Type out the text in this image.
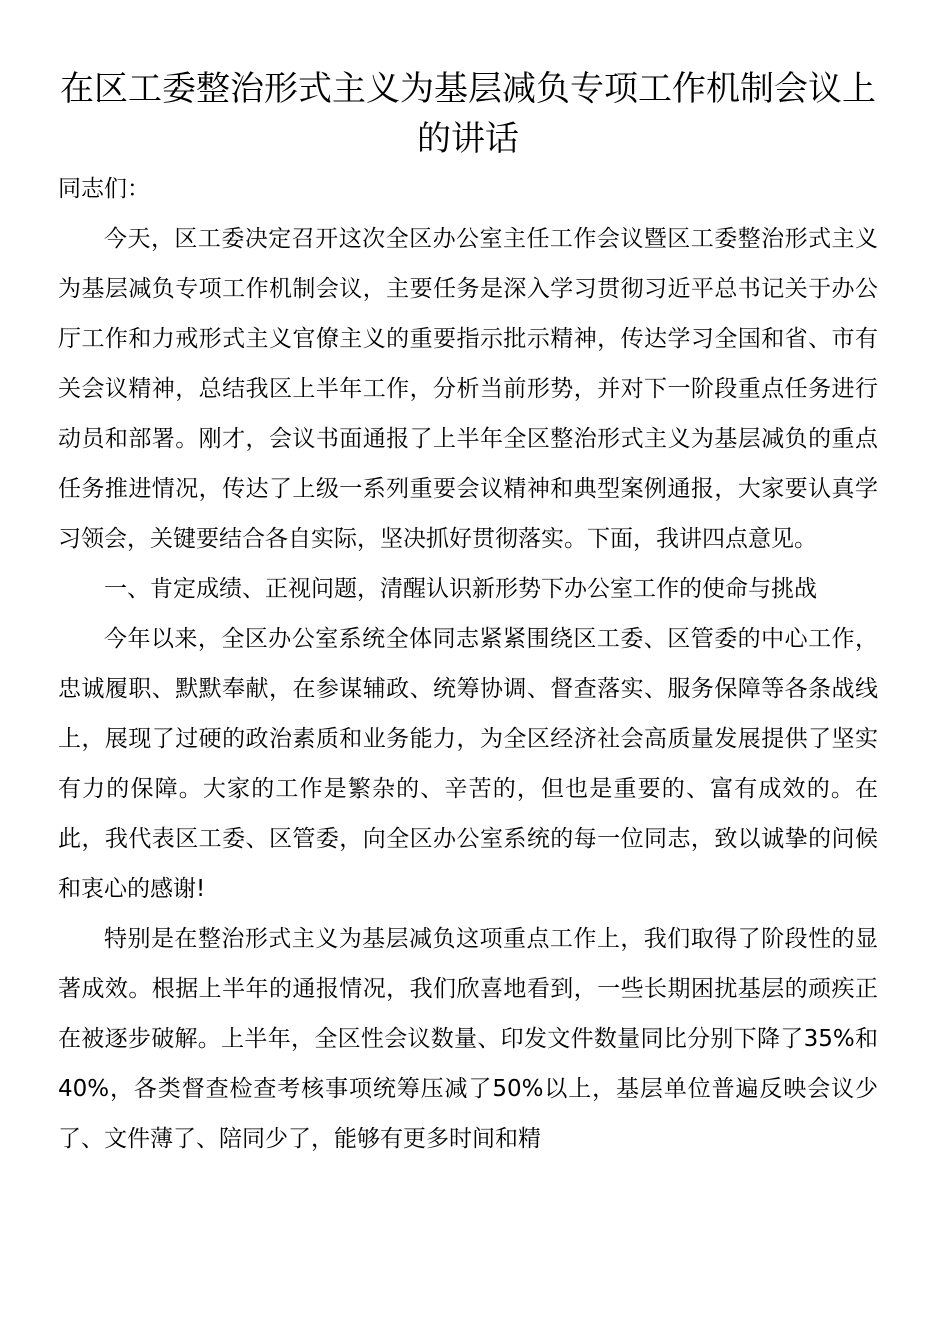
在区工委整治形式主义为基层减负专项工作机制会议上的讲话

同志们：

今天，区工委决定召开这次全区办公室主任工作会议暨区工委整治形式主义为基层减负专项工作机制会议，主要任务是深入学习贯彻习近平总书记关于办公厅工作和力戒形式主义官僚主义的重要指示批示精神，传达学习全国和省、市有关会议精神，总结我区上半年工作，分析当前形势，并对下一阶段重点任务进行动员和部署。刚才，会议书面通报了上半年全区整治形式主义为基层减负的重点任务推进情况，传达了上级一系列重要会议精神和典型案例通报，大家要认真学习领会，关键要结合各自实际，坚决抓好贯彻落实。下面，我讲四点意见。

一、肯定成绩、正视问题，清醒认识新形势下办公室工作的使命与挑战

今年以来，全区办公室系统全体同志紧紧围绕区工委、区管委的中心工作，忠诚履职、默默奉献，在参谋辅政、统筹协调、督查落实、服务保障等各条战线上，展现了过硬的政治素质和业务能力，为全区经济社会高质量发展提供了坚实有力的保障。大家的工作是繁杂的、辛苦的，但也是重要的、富有成效的。在此，我代表区工委、区管委，向全区办公室系统的每一位同志，致以诚挚的问候和衷心的感谢!

特别是在整治形式主义为基层减负这项重点工作上，我们取得了阶段性的显著成效。根据上半年的通报情况，我们欣喜地看到，一些长期困扰基层的顽疾正在被逐步破解。上半年，全区性会议数量、印发文件数量同比分别下降了35%和40%，各类督查检查考核事项统筹压减了50%以上，基层单位普遍反映会议少了、文件薄了、陪同少了，能够有更多时间和精
